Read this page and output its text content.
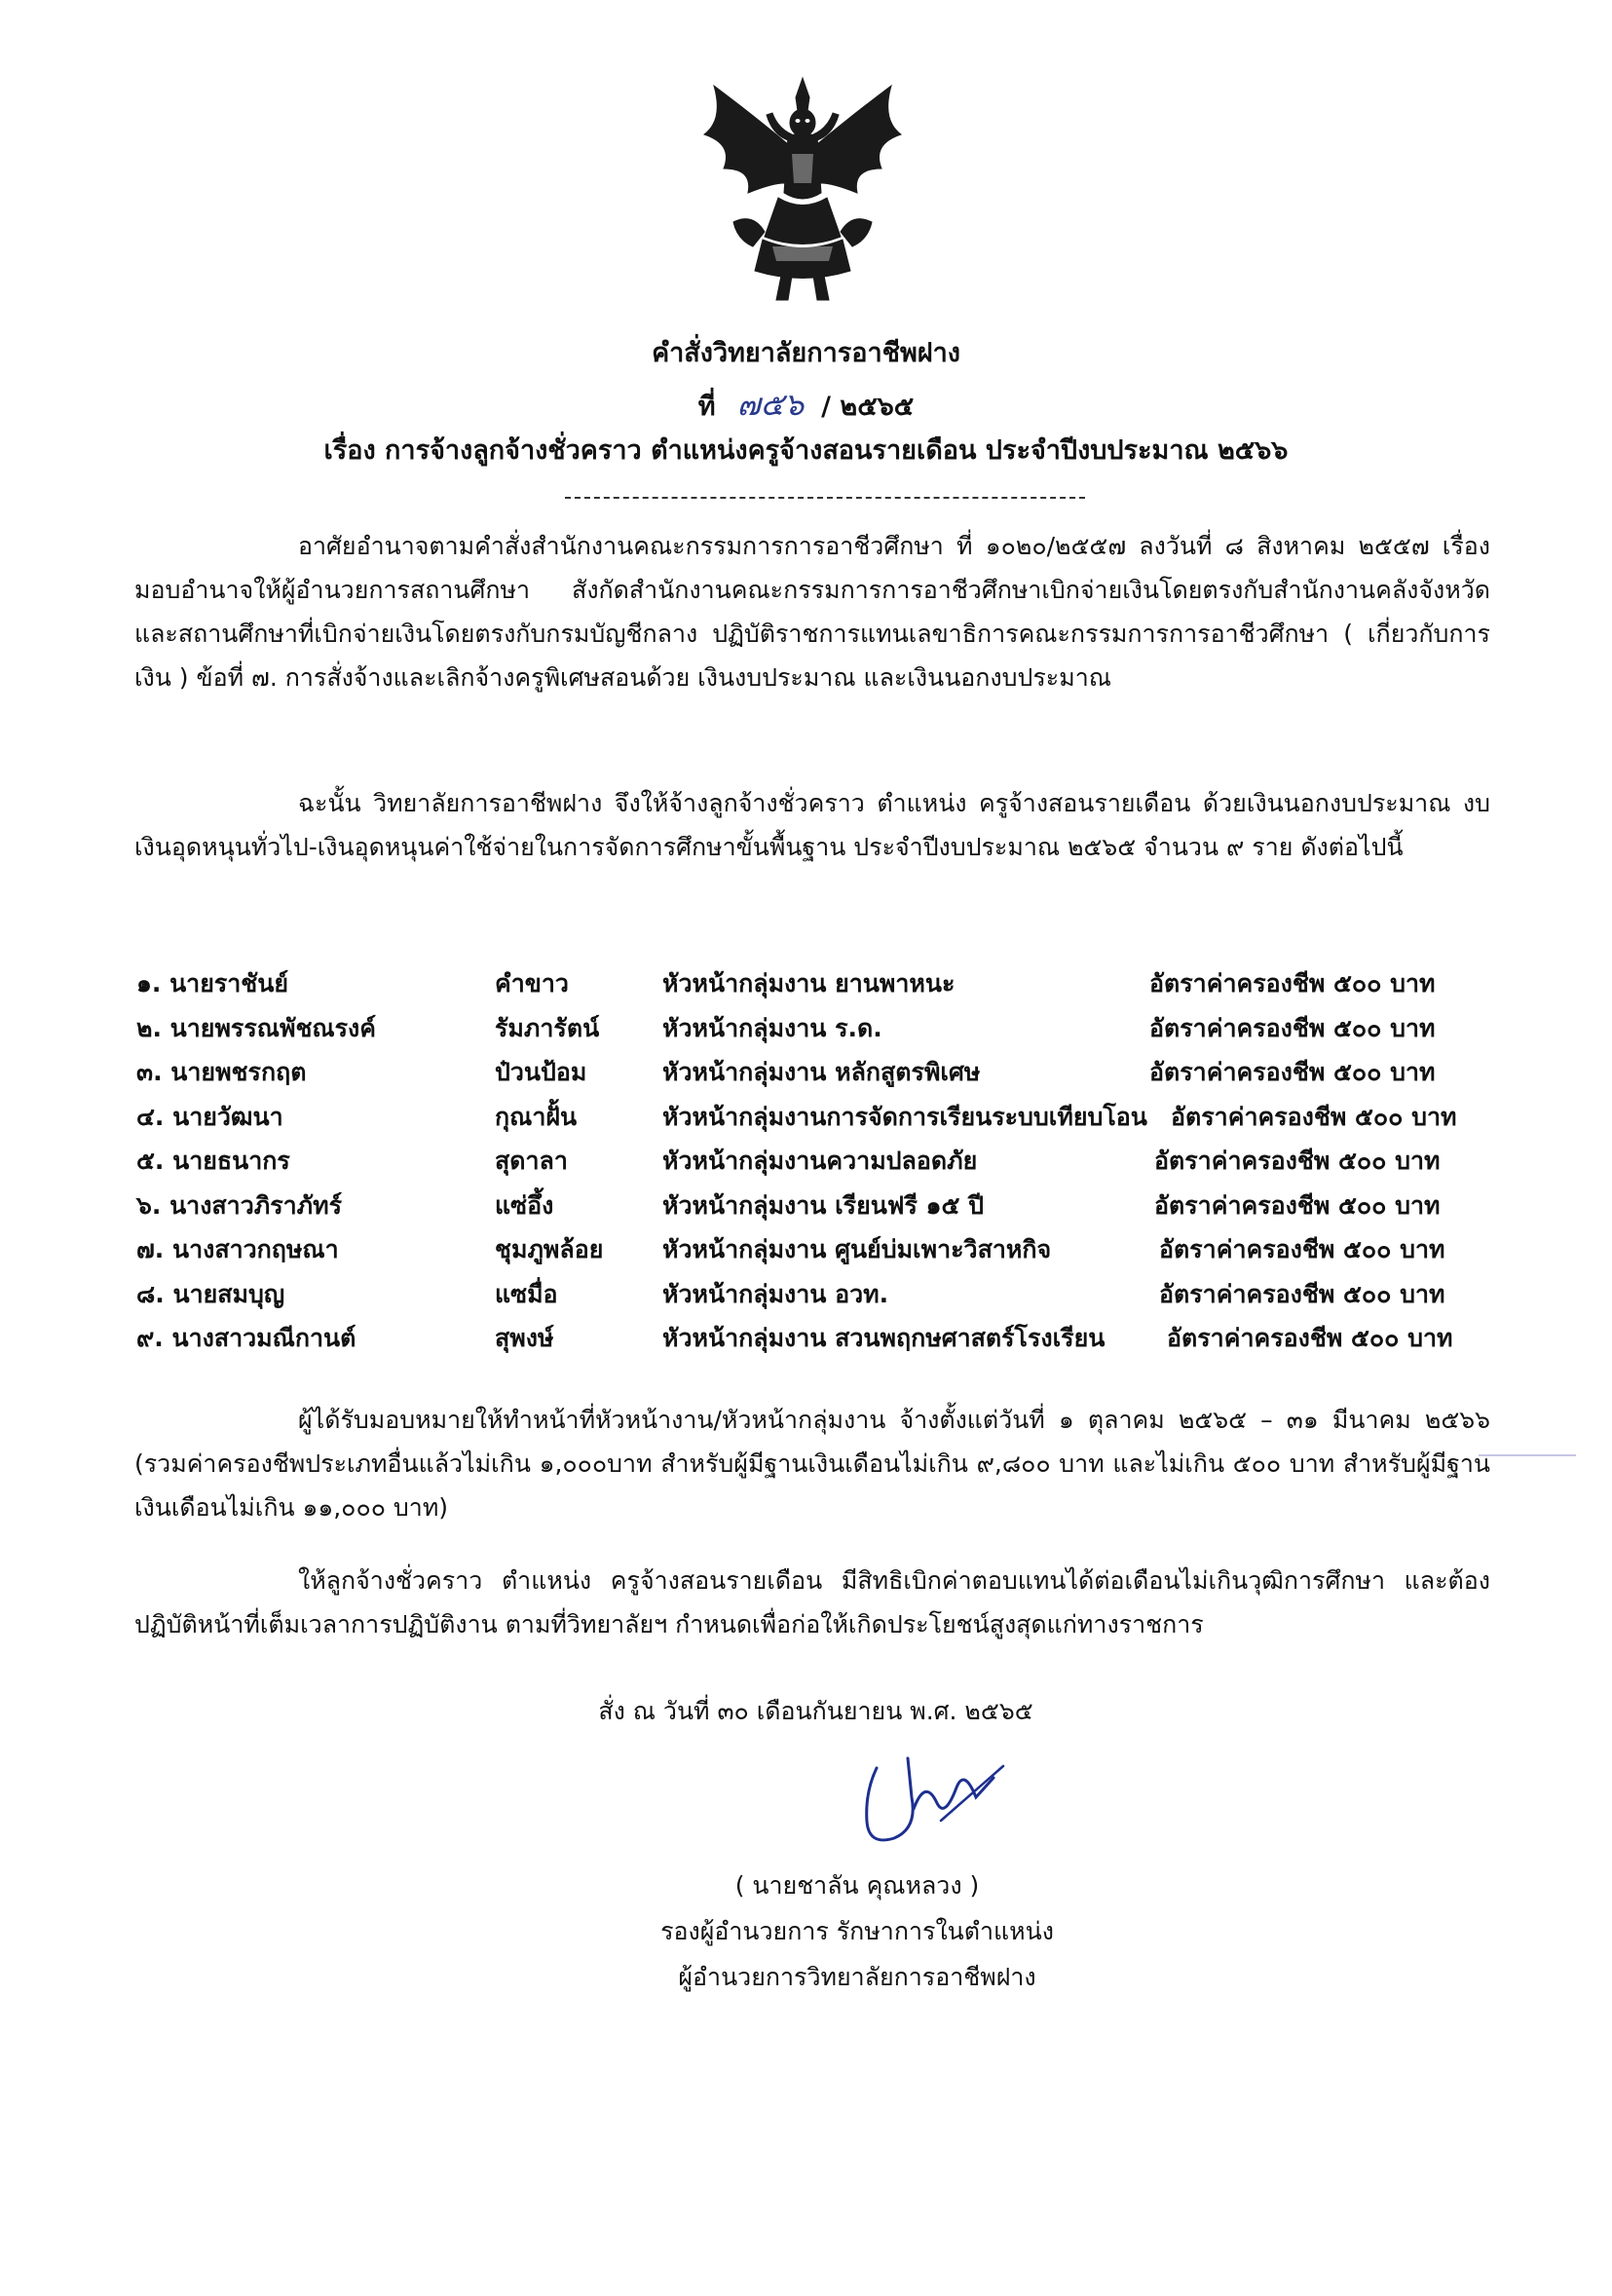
คำสั่งวิทยาลัยการอาชีพฝาง
ที่ ๗๕๖ / ๒๕๖๕
เรื่อง การจ้างลูกจ้างชั่วคราว ตำแหน่งครูจ้างสอนรายเดือน ประจำปีงบประมาณ ๒๕๖๖
อาศัยอำนาจตามคำสั่งสำนักงานคณะกรรมการการอาชีวศึกษา ที่ ๑๐๒๐/๒๕๕๗ ลงวันที่ ๘ สิงหาคม ๒๕๕๗ เรื่อง มอบอำนาจให้ผู้อำนวยการสถานศึกษา สังกัดสำนักงานคณะกรรมการการอาชีวศึกษาเบิกจ่ายเงินโดยตรงกับสำนักงานคลังจังหวัด และสถานศึกษาที่เบิกจ่ายเงินโดยตรงกับกรมบัญชีกลาง ปฏิบัติราชการแทนเลขาธิการคณะกรรมการการอาชีวศึกษา ( เกี่ยวกับการเงิน ) ข้อที่ ๗. การสั่งจ้างและเลิกจ้างครูพิเศษสอนด้วย เงินงบประมาณ และเงินนอกงบประมาณ
ฉะนั้น วิทยาลัยการอาชีพฝาง จึงให้จ้างลูกจ้างชั่วคราว ตำแหน่ง ครูจ้างสอนรายเดือน ด้วยเงินนอกงบประมาณ งบเงินอุดหนุนทั่วไป-เงินอุดหนุนค่าใช้จ่ายในการจัดการศึกษาขั้นพื้นฐาน ประจำปีงบประมาณ ๒๕๖๕ จำนวน ๙ ราย ดังต่อไปนี้
๑. นายราชันย์	คำขาว	หัวหน้ากลุ่มงาน ยานพาหนะ	อัตราค่าครองชีพ ๕๐๐ บาท
๒. นายพรรณพัชณรงค์	รัมภารัตน์	หัวหน้ากลุ่มงาน ร.ด.	อัตราค่าครองชีพ ๕๐๐ บาท
๓. นายพชรกฤต	ป๋วนป้อม	หัวหน้ากลุ่มงาน หลักสูตรพิเศษ	อัตราค่าครองชีพ ๕๐๐ บาท
๔. นายวัฒนา	กุณาฝั้น	หัวหน้ากลุ่มงานการจัดการเรียนระบบเทียบโอน อัตราค่าครองชีพ ๕๐๐ บาท
๕. นายธนากร	สุดาลา	หัวหน้ากลุ่มงานความปลอดภัย	อัตราค่าครองชีพ ๕๐๐ บาท
๖. นางสาวภิราภัทร์	แซ่อึ้ง	หัวหน้ากลุ่มงาน เรียนฟรี ๑๕ ปี	อัตราค่าครองชีพ ๕๐๐ บาท
๗. นางสาวกฤษณา	ชุมภูพล้อย หัวหน้ากลุ่มงาน ศูนย์บ่มเพาะวิสาหกิจ	อัตราค่าครองชีพ ๕๐๐ บาท
๘. นายสมบุญ	แซมื่อ	หัวหน้ากลุ่มงาน อวท.	อัตราค่าครองชีพ ๕๐๐ บาท
๙. นางสาวมณีกานต์	สุพงษ์	หัวหน้ากลุ่มงาน สวนพฤกษศาสตร์โรงเรียน	อัตราค่าครองชีพ ๕๐๐ บาท
ผู้ได้รับมอบหมายให้ทำหน้าที่หัวหน้างาน/หัวหน้ากลุ่มงาน จ้างตั้งแต่วันที่ ๑ ตุลาคม ๒๕๖๕ – ๓๑ มีนาคม ๒๕๖๖ (รวมค่าครองชีพประเภทอื่นแล้วไม่เกิน ๑,๐๐๐บาท สำหรับผู้มีฐานเงินเดือนไม่เกิน ๙,๘๐๐ บาท และไม่เกิน ๕๐๐ บาท สำหรับผู้มีฐานเงินเดือนไม่เกิน ๑๑,๐๐๐ บาท)
ให้ลูกจ้างชั่วคราว ตำแหน่ง ครูจ้างสอนรายเดือน มีสิทธิเบิกค่าตอบแทนได้ต่อเดือนไม่เกินวุฒิการศึกษา และต้องปฏิบัติหน้าที่เต็มเวลาการปฏิบัติงาน ตามที่วิทยาลัยฯ กำหนดเพื่อก่อให้เกิดประโยชน์สูงสุดแก่ทางราชการ
สั่ง ณ วันที่ ๓๐ เดือนกันยายน พ.ศ. ๒๕๖๕
( นายชาลัน คุณหลวง )
รองผู้อำนวยการ รักษาการในตำแหน่ง
ผู้อำนวยการวิทยาลัยการอาชีพฝาง
